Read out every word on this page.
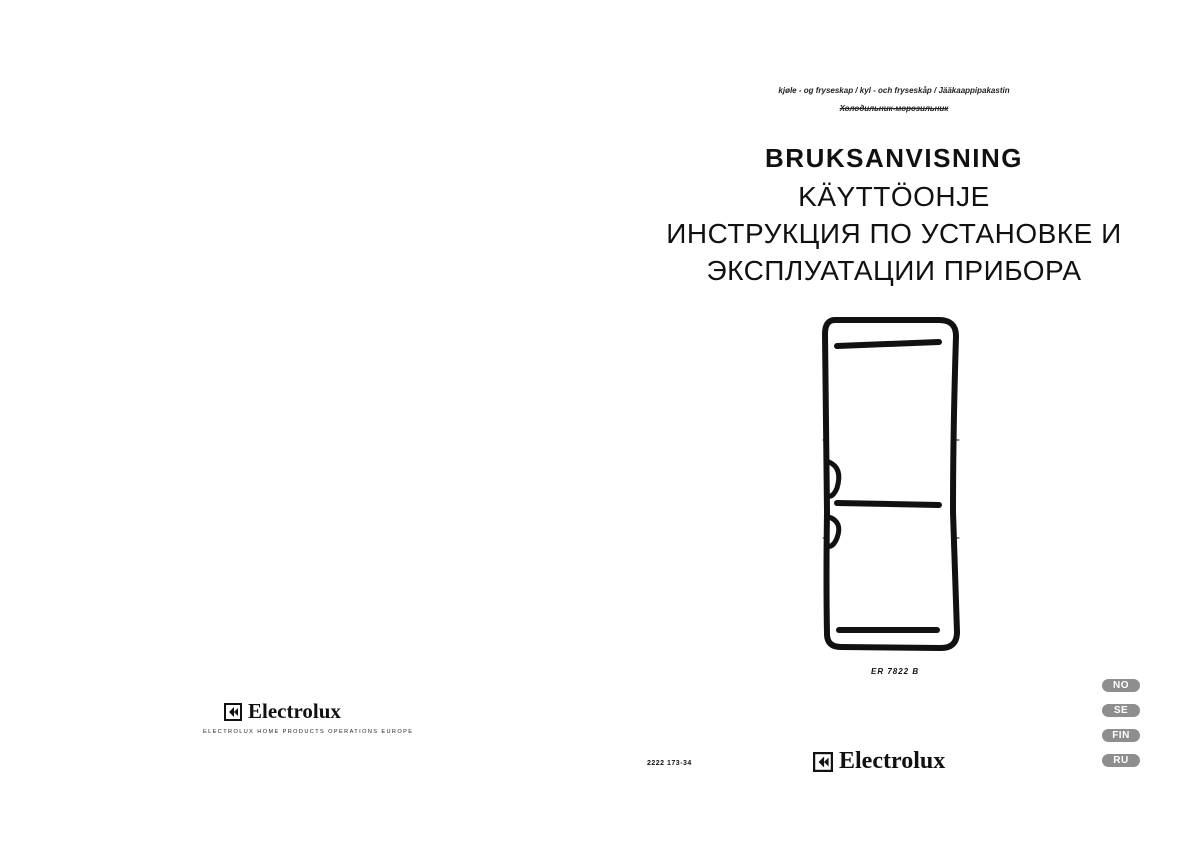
kjøle - og fryseskap / kyl - och fryseskåp / Jääkaappipakastin
Холодильник-морозильник
BRUKSANVISNING
KÄYTTÖOHJE
ИНСТРУКЦИЯ ПО УСТАНОВКЕ И
ЭКСПЛУАТАЦИИ ПРИБОРА
ER 7822 B
Electrolux
ELECTROLUX HOME PRODUCTS OPERATIONS EUROPE
2222 173-34	Electrolux
NO
SE
FIN
RU
